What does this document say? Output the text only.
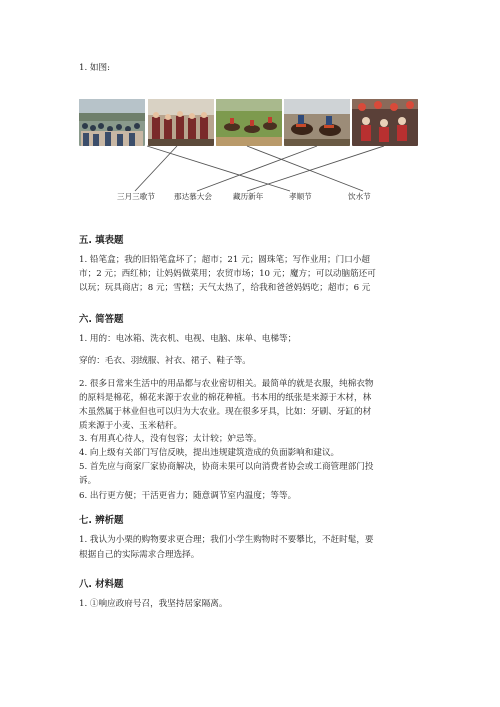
1. 如图:
三月三歌节	那达慕大会	藏历新年	孝顺节	饮水节
五. 填表题
1. 铅笔盒；我的旧铅笔盒坏了；超市；21 元；圆珠笔；写作业用；门口小超
市；2 元；西红柿；让妈妈做菜用；农贸市场；10 元；魔方；可以动脑筋还可
以玩；玩具商店；8 元；雪糕；天气太热了，给我和爸爸妈妈吃；超市；6 元
六. 简答题
1. 用的：电冰箱、洗衣机、电视、电脑、床单、电梯等；
穿的：毛衣、羽绒服、衬衣、裙子、鞋子等。
2. 很多日常来生活中的用品都与农业密切相关。最简单的就是衣服，纯棉衣物
的原料是棉花，棉花来源于农业的棉花种植。书本用的纸张是来源于木材，林
木虽然属于林业但也可以归为大农业。现在很多牙具，比如：牙刷、牙缸的材
质来源于小麦、玉米秸秆。
3. 有用真心待人，没有包容；太计较；妒忌等。
4. 向上级有关部门写信反映，提出违规建筑造成的负面影响和建议。
5. 首先应与商家厂家协商解决，协商未果可以向消费者协会或工商管理部门投
诉。
6. 出行更方便；干活更省力；随意调节室内温度；等等。
七. 辨析题
1. 我认为小栗的购物要求更合理；我们小学生购物时不要攀比，不赶时髦，要
根据自己的实际需求合理选择。
八. 材料题
1. ①响应政府号召，我坚持居家隔离。
